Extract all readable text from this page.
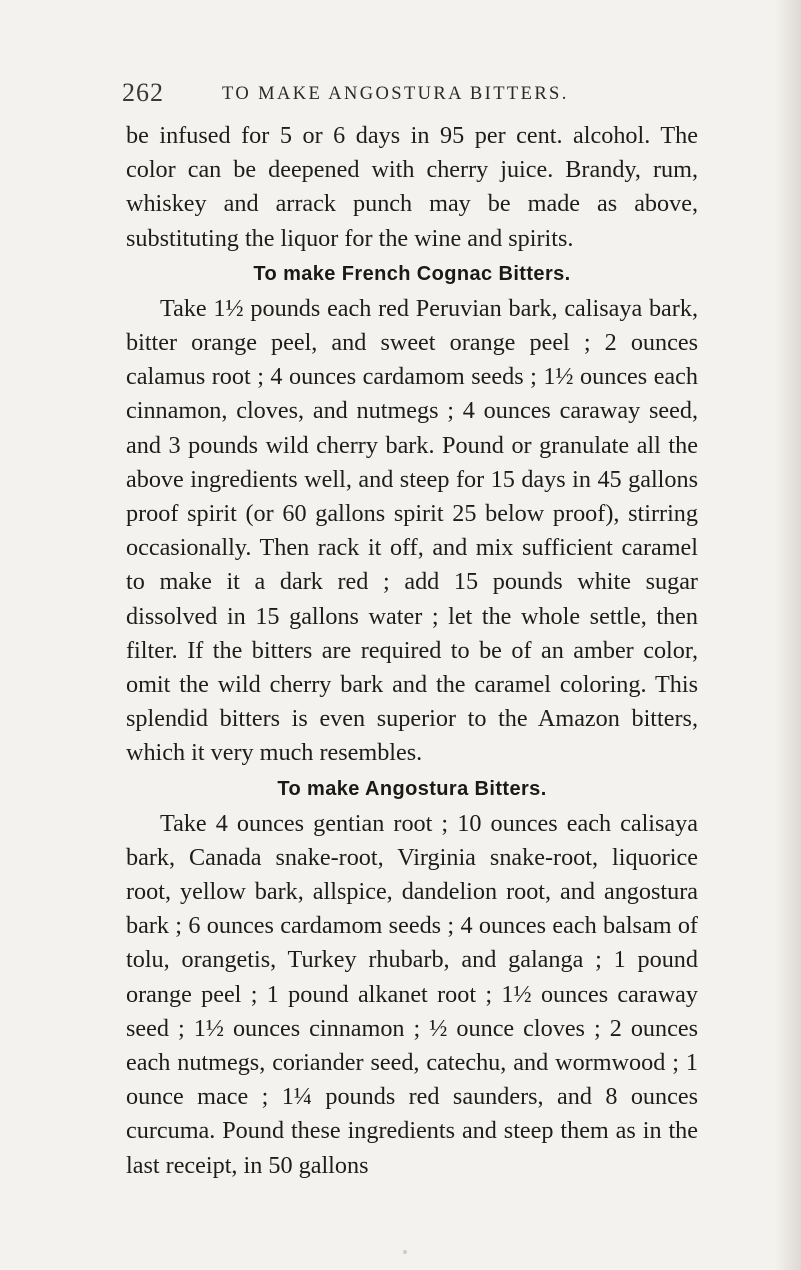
262	TO MAKE ANGOSTURA BITTERS.

be infused for 5 or 6 days in 95 per cent. alcohol. The color can be deepened with cherry juice. Brandy, rum, whiskey and arrack punch may be made as above, substituting the liquor for the wine and spirits.

To make French Cognac Bitters.

Take 1½ pounds each red Peruvian bark, calisaya bark, bitter orange peel, and sweet orange peel ; 2 ounces calamus root ; 4 ounces cardamom seeds ; 1½ ounces each cinnamon, cloves, and nutmegs ; 4 ounces caraway seed, and 3 pounds wild cherry bark. Pound or granulate all the above ingredients well, and steep for 15 days in 45 gallons proof spirit (or 60 gallons spirit 25 below proof), stirring occasionally. Then rack it off, and mix sufficient caramel to make it a dark red ; add 15 pounds white sugar dissolved in 15 gallons water ; let the whole settle, then filter. If the bitters are required to be of an amber color, omit the wild cherry bark and the caramel coloring. This splendid bitters is even superior to the Amazon bitters, which it very much resembles.

To make Angostura Bitters.

Take 4 ounces gentian root ; 10 ounces each calisaya bark, Canada snake-root, Virginia snake-root, liquorice root, yellow bark, allspice, dandelion root, and angostura bark ; 6 ounces cardamom seeds ; 4 ounces each balsam of tolu, orangetis, Turkey rhubarb, and galanga ; 1 pound orange peel ; 1 pound alkanet root ; 1½ ounces caraway seed ; 1½ ounces cinnamon ; ½ ounce cloves ; 2 ounces each nutmegs, coriander seed, catechu, and wormwood ; 1 ounce mace ; 1¼ pounds red saunders, and 8 ounces curcuma. Pound these ingredients and steep them as in the last receipt, in 50 gallons
